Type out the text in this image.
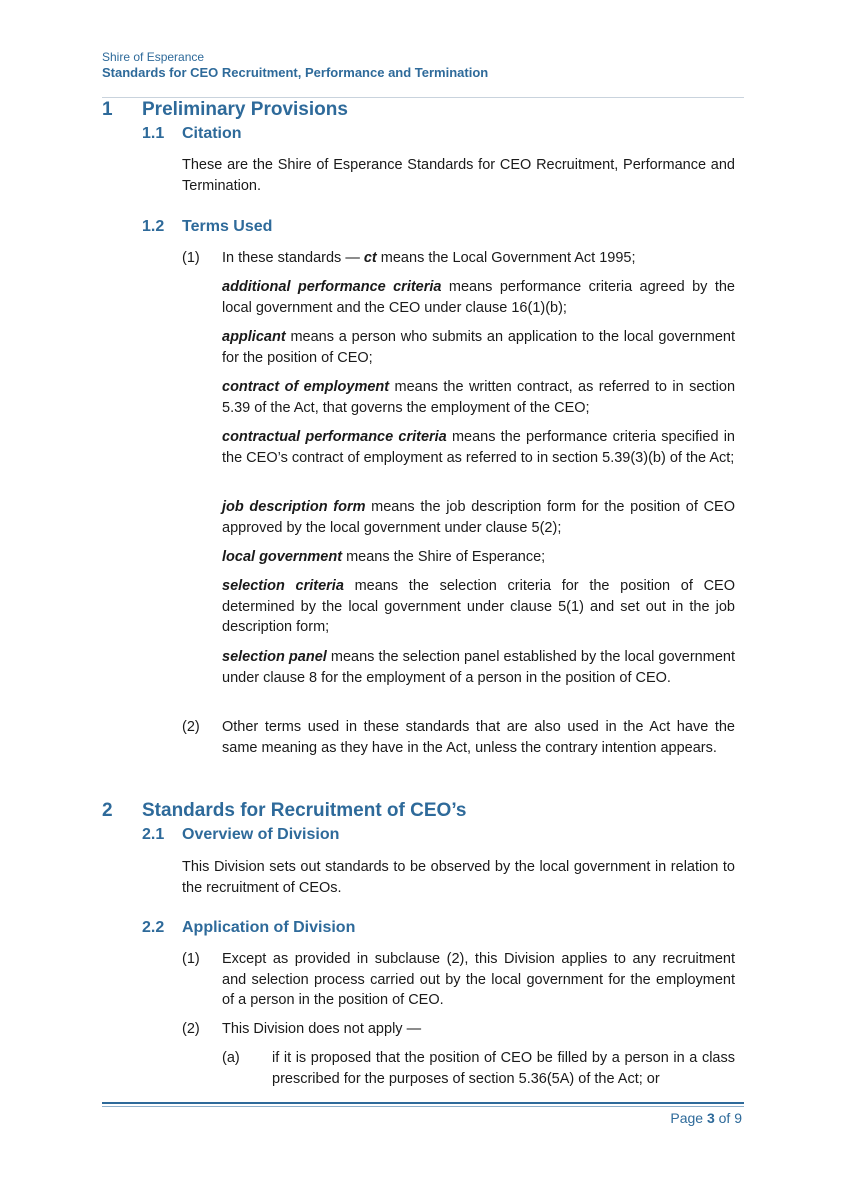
Shire of Esperance
Standards for CEO Recruitment, Performance and Termination
1 Preliminary Provisions
1.1 Citation
These are the Shire of Esperance Standards for CEO Recruitment, Performance and Termination.
1.2 Terms Used
(1) In these standards — ct means the Local Government Act 1995;
additional performance criteria means performance criteria agreed by the local government and the CEO under clause 16(1)(b);
applicant means a person who submits an application to the local government for the position of CEO;
contract of employment means the written contract, as referred to in section 5.39 of the Act, that governs the employment of the CEO;
contractual performance criteria means the performance criteria specified in the CEO’s contract of employment as referred to in section 5.39(3)(b) of the Act;
job description form means the job description form for the position of CEO approved by the local government under clause 5(2);
local government means the Shire of Esperance;
selection criteria means the selection criteria for the position of CEO determined by the local government under clause 5(1) and set out in the job description form;
selection panel means the selection panel established by the local government under clause 8 for the employment of a person in the position of CEO.
(2) Other terms used in these standards that are also used in the Act have the same meaning as they have in the Act, unless the contrary intention appears.
2 Standards for Recruitment of CEO’s
2.1 Overview of Division
This Division sets out standards to be observed by the local government in relation to the recruitment of CEOs.
2.2 Application of Division
(1) Except as provided in subclause (2), this Division applies to any recruitment and selection process carried out by the local government for the employment of a person in the position of CEO.
(2) This Division does not apply —
(a) if it is proposed that the position of CEO be filled by a person in a class prescribed for the purposes of section 5.36(5A) of the Act; or
Page 3 of 9
